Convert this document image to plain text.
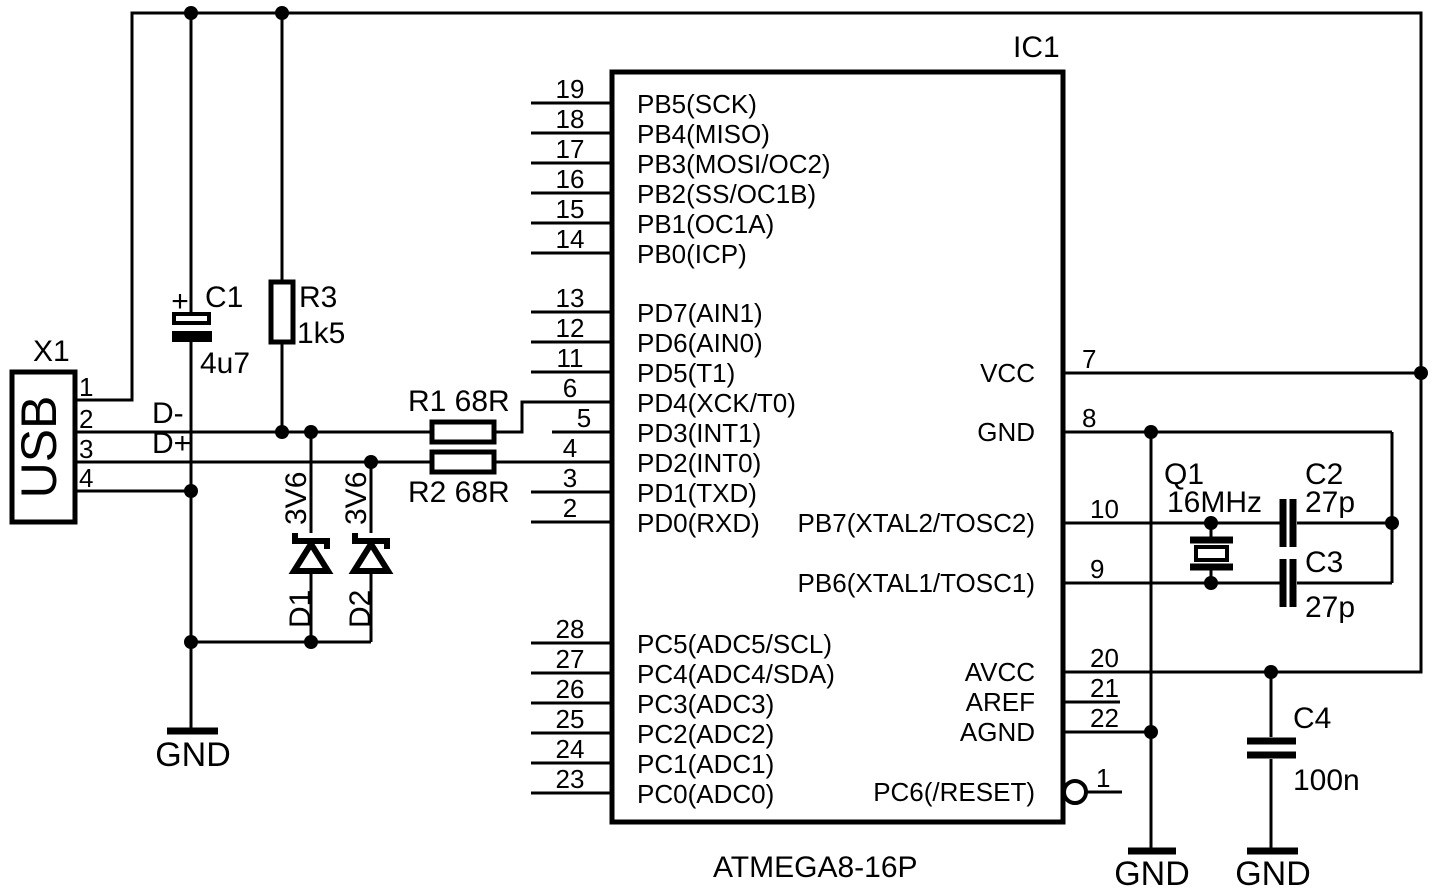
USB
X1
1
2
3
4
D-
D+
+ C1
4u7
R3
1k5
R1 68R
R2 68R
3V6
D1
3V6
D2
IC1
ATMEGA8-16P
19
18
17
16
15
14
13
12
11
6
5
4
3
2
28
27
26
25
24
23
PB5(SCK)
PB4(MISO)
PB3(MOSI/OC2)
PB2(SS/OC1B)
PB1(OC1A)
PB0(ICP)
PD7(AIN1)
PD6(AIN0)
PD5(T1)
PD4(XCK/T0)
PD3(INT1)
PD2(INT0)
PD1(TXD)
PD0(RXD)
PC5(ADC5/SCL)
PC4(ADC4/SDA)
PC3(ADC3)
PC2(ADC2)
PC1(ADC1)
PC0(ADC0)
7
8
10
9
20
21
22
1
VCC
GND
PB7(XTAL2/TOSC2)
PB6(XTAL1/TOSC1)
AVCC
AREF
AGND
PC6(/RESET)
Q1
16MHz
C2
27p
C3
27p
C4
100n
GND
GND GND
